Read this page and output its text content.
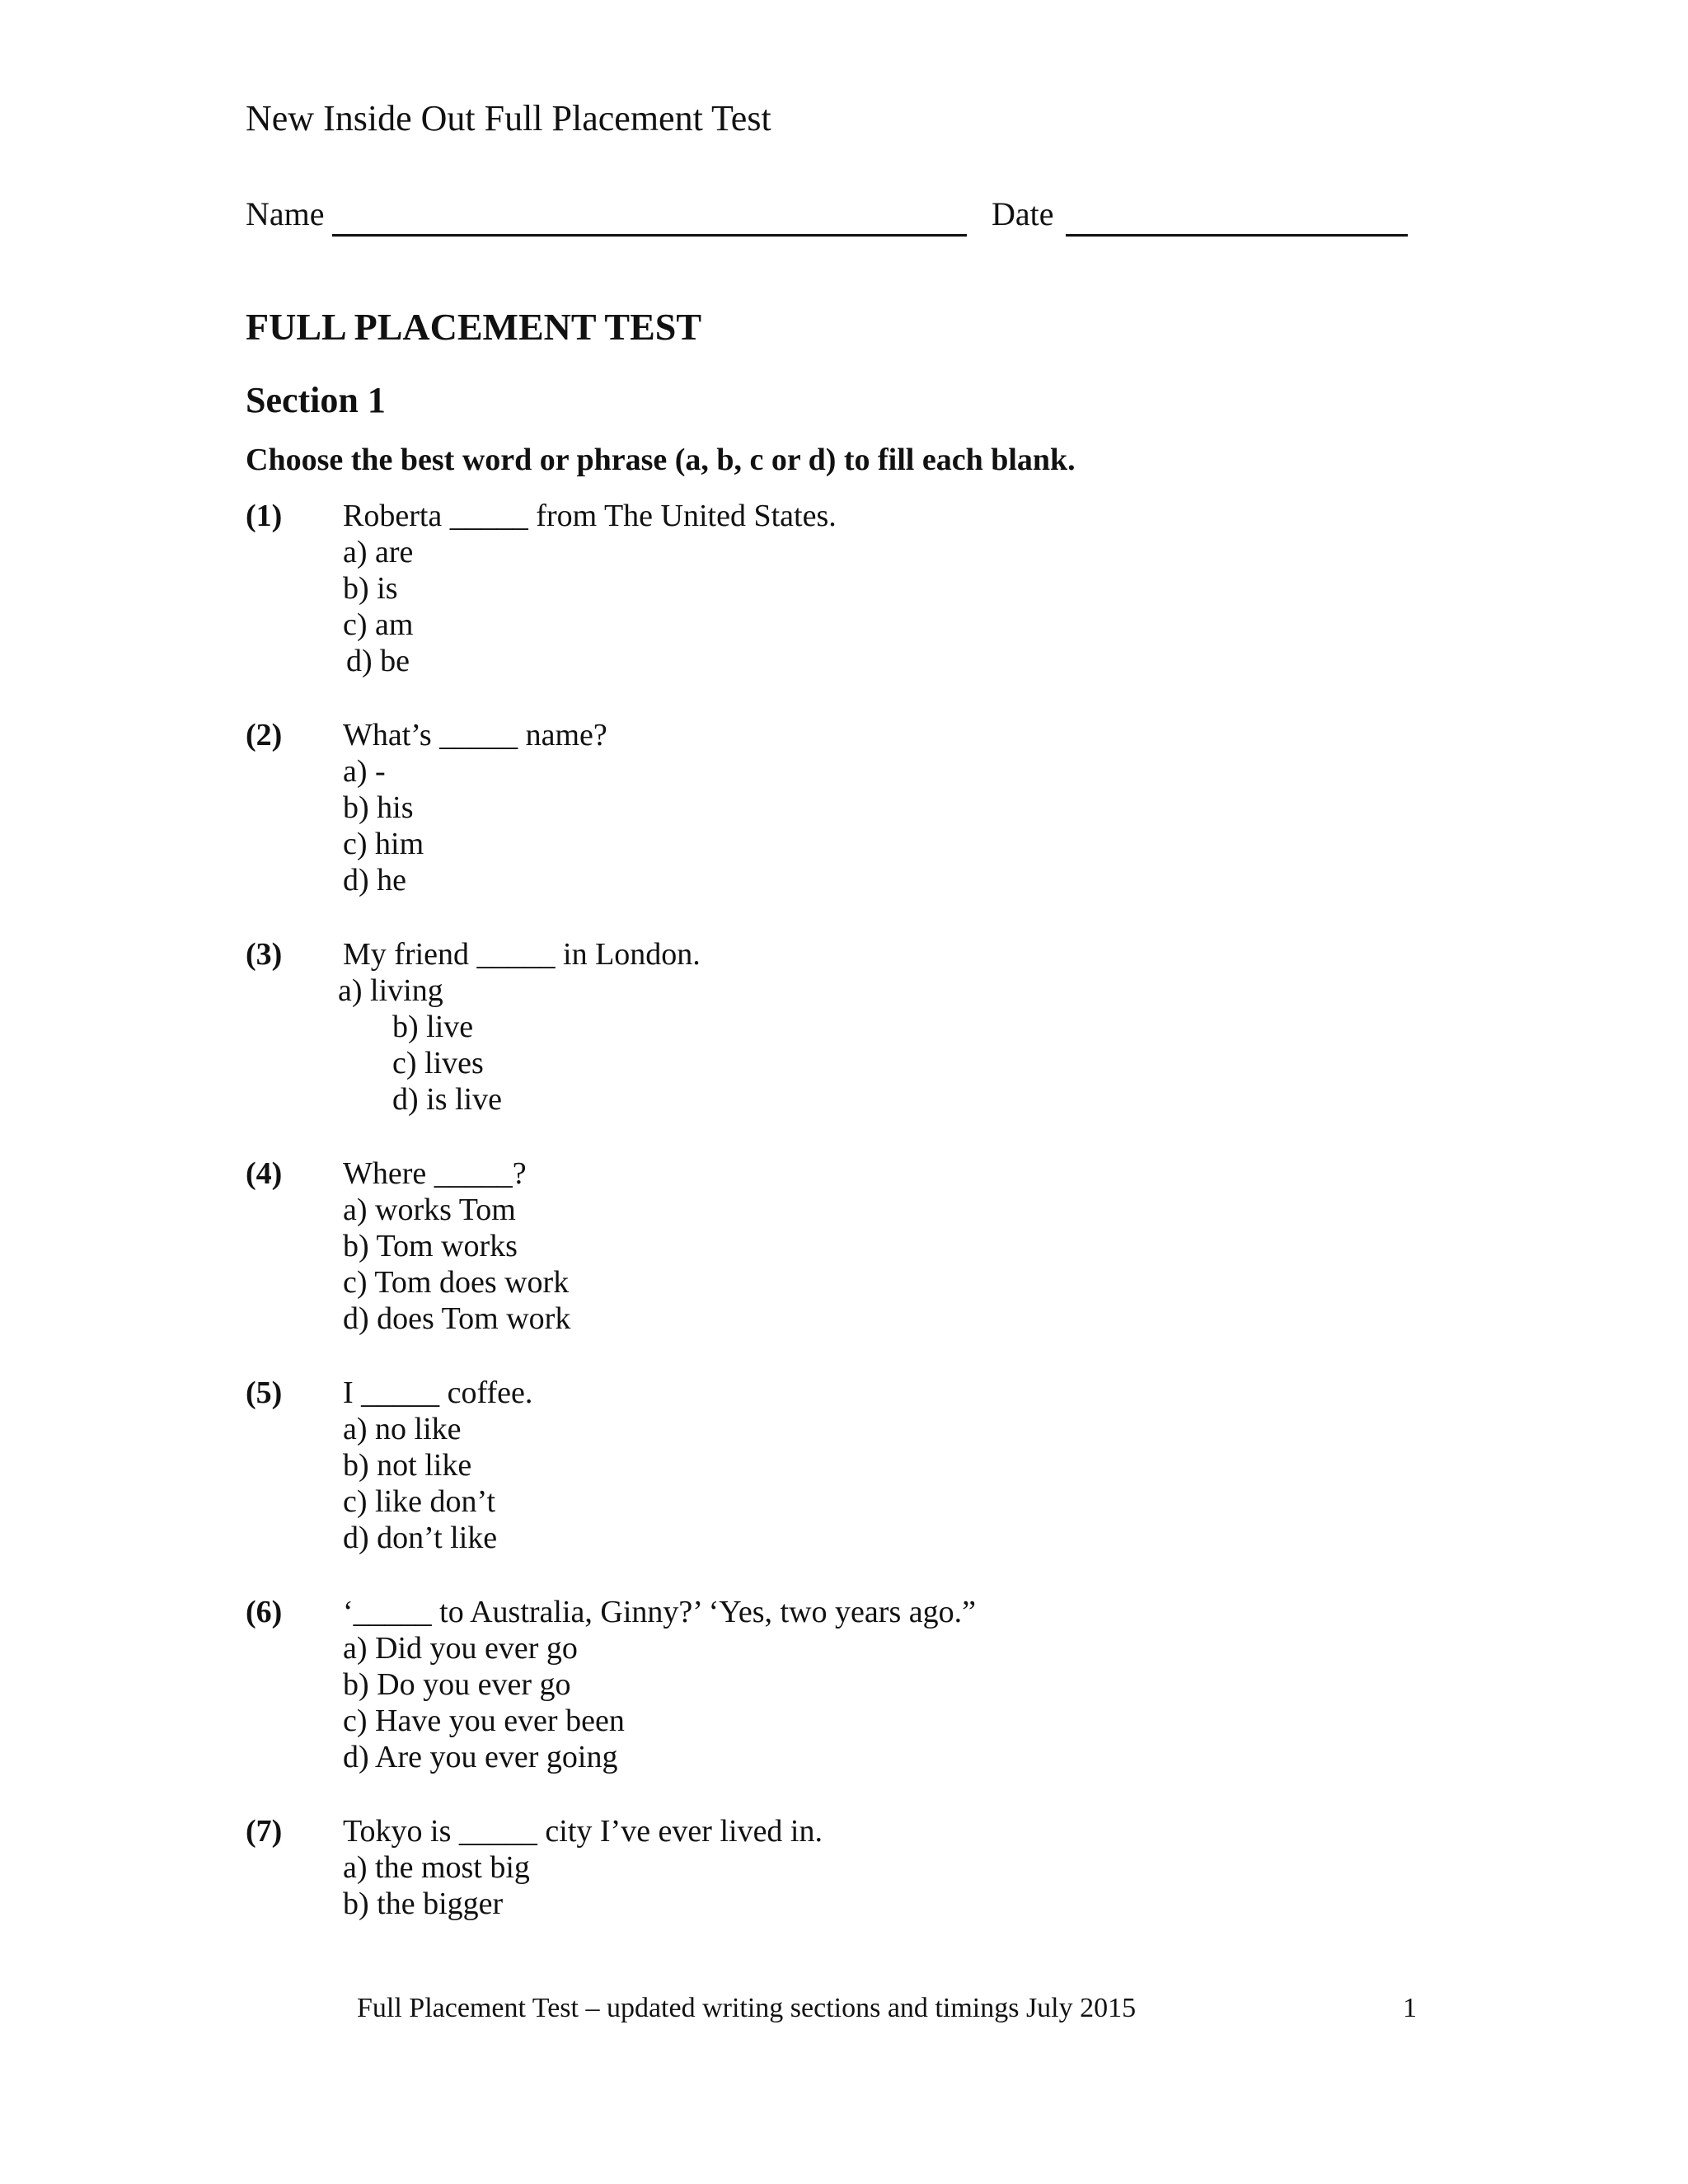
New Inside Out Full Placement Test
Name	Date
FULL PLACEMENT TEST
Section 1
Choose the best word or phrase (a, b, c or d) to fill each blank.
(1) Roberta _____ from The United States.
a) are
b) is
c) am
d) be
(2) What’s _____ name?
a) -
b) his
c) him
d) he
(3) My friend _____ in London.
a) living
b) live
c) lives
d) is live
(4) Where _____?
a) works Tom
b) Tom works
c) Tom does work
d) does Tom work
(5) I _____ coffee.
a) no like
b) not like
c) like don’t
d) don’t like
(6) ‘_____ to Australia, Ginny?’ ‘Yes, two years ago.”
a) Did you ever go
b) Do you ever go
c) Have you ever been
d) Are you ever going
(7) Tokyo is _____ city I’ve ever lived in.
a) the most big
b) the bigger
Full Placement Test – updated writing sections and timings July 2015	1
